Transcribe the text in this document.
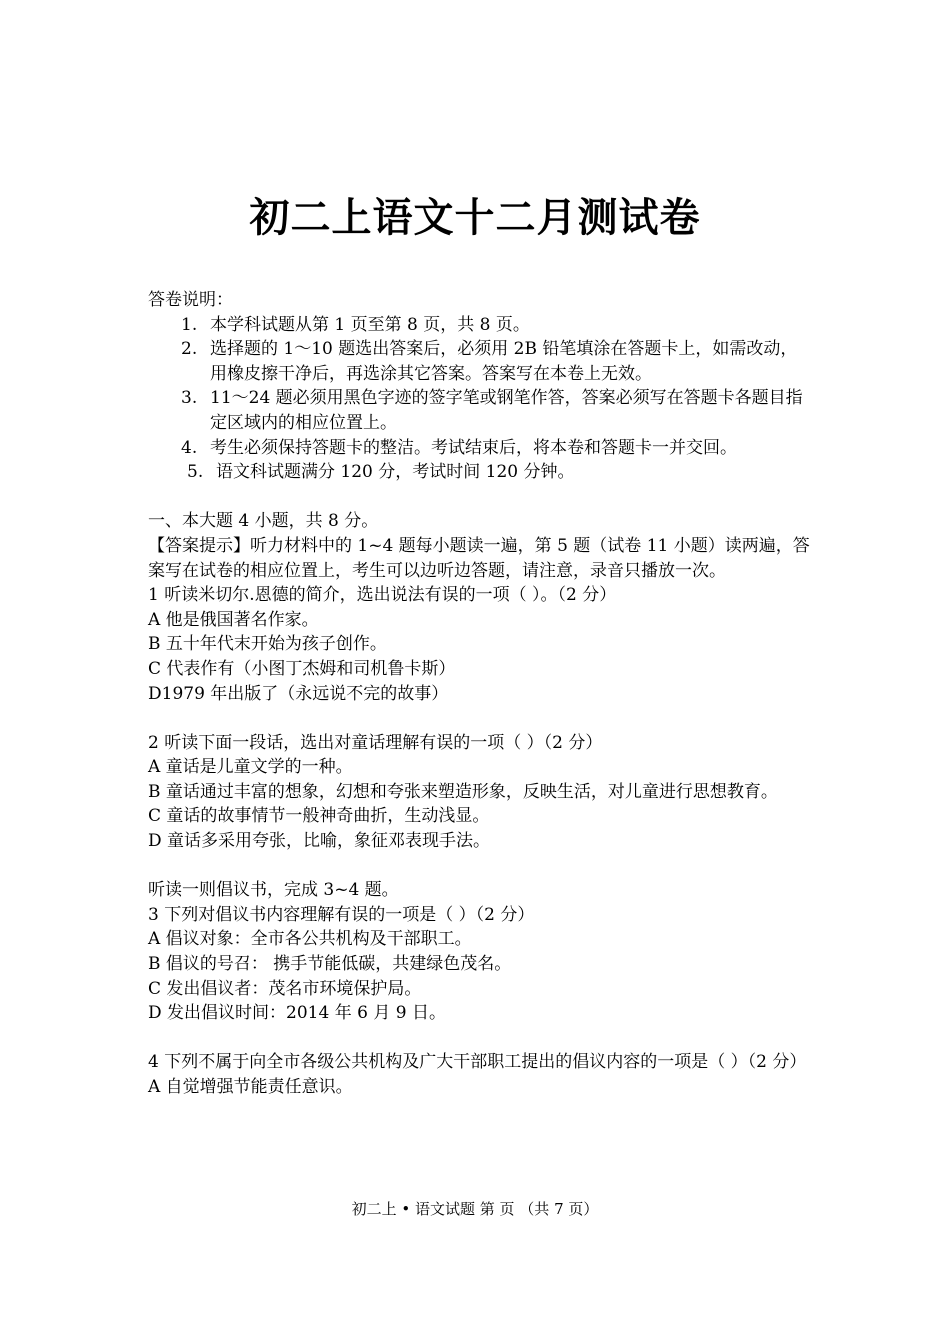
初二上语文十二月测试卷

答卷说明：

1. 本学科试题从第 1 页至第 8 页，共 8 页。
2. 选择题的 1～10 题选出答案后，必须用 2B 铅笔填涂在答题卡上，如需改动，用橡皮擦干净后，再选涂其它答案。答案写在本卷上无效。
3. 11～24 题必须用黑色字迹的签字笔或钢笔作答，答案必须写在答题卡各题目指定区域内的相应位置上。
4. 考生必须保持答题卡的整洁。考试结束后，将本卷和答题卡一并交回。
5. 语文科试题满分 120 分，考试时间 120 分钟。

一、本大题 4 小题，共 8 分。

【答案提示】听力材料中的 1~4 题每小题读一遍，第 5 题（试卷 11 小题）读两遍，答案写在试卷的相应位置上，考生可以边听边答题，请注意，录音只播放一次。

1 听读米切尔.恩德的简介，选出说法有误的一项（ ）。（2 分）

A 他是俄国著名作家。

B 五十年代末开始为孩子创作。

C 代表作有（小图丁杰姆和司机鲁卡斯）

D1979 年出版了（永远说不完的故事）

2 听读下面一段话，选出对童话理解有误的一项（ ）（2 分）

A 童话是儿童文学的一种。

B 童话通过丰富的想象，幻想和夸张来塑造形象，反映生活，对儿童进行思想教育。

C 童话的故事情节一般神奇曲折，生动浅显。

D 童话多采用夸张，比喻，象征邓表现手法。

听读一则倡议书，完成 3~4 题。

3 下列对倡议书内容理解有误的一项是（ ）（2 分）

A 倡议对象：全市各公共机构及干部职工。

B 倡议的号召： 携手节能低碳，共建绿色茂名。

C 发出倡议者：茂名市环境保护局。

D 发出倡议时间：2014 年 6 月 9 日。

4 下列不属于向全市各级公共机构及广大干部职工提出的倡议内容的一项是（ ）（2 分）

A 自觉增强节能责任意识。

初二上 • 语文试题 第 页 （共 7 页）
